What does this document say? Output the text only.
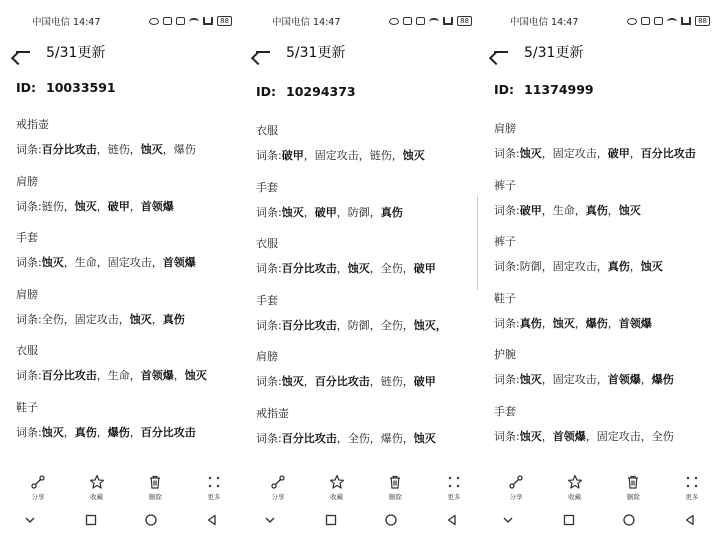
中国电信 14:47	88
5/31更新
ID: 10033591
戒指壶
词条:百分比攻击，链伤，蚀灭，爆伤
肩膀
词条:链伤，蚀灭，破甲，首领爆
手套
词条:蚀灭，生命，固定攻击，首领爆
肩膀
词条:全伤，固定攻击，蚀灭，真伤
衣服
词条:百分比攻击，生命，首领爆，蚀灭
鞋子
词条:蚀灭，真伤，爆伤，百分比攻击
分享	收藏	删除	更多
中国电信 14:47	88
5/31更新
ID: 10294373
衣服
词条:破甲，固定攻击，链伤，蚀灭
手套
词条:蚀灭，破甲，防御，真伤
衣服
词条:百分比攻击，蚀灭，全伤，破甲
手套
词条:百分比攻击，防御，全伤，蚀灭，
肩膀
词条:蚀灭，百分比攻击，链伤，破甲
戒指壶
词条:百分比攻击，全伤，爆伤，蚀灭
分享	收藏	删除	更多
中国电信 14:47	88
5/31更新
ID: 11374999
肩膀
词条:蚀灭，固定攻击，破甲，百分比攻击
裤子
词条:破甲，生命，真伤，蚀灭
裤子
词条:防御，固定攻击，真伤，蚀灭
鞋子
词条:真伤，蚀灭，爆伤，首领爆
护腕
词条:蚀灭，固定攻击，首领爆，爆伤
手套
词条:蚀灭，首领爆，固定攻击，全伤
分享	收藏	删除	更多
